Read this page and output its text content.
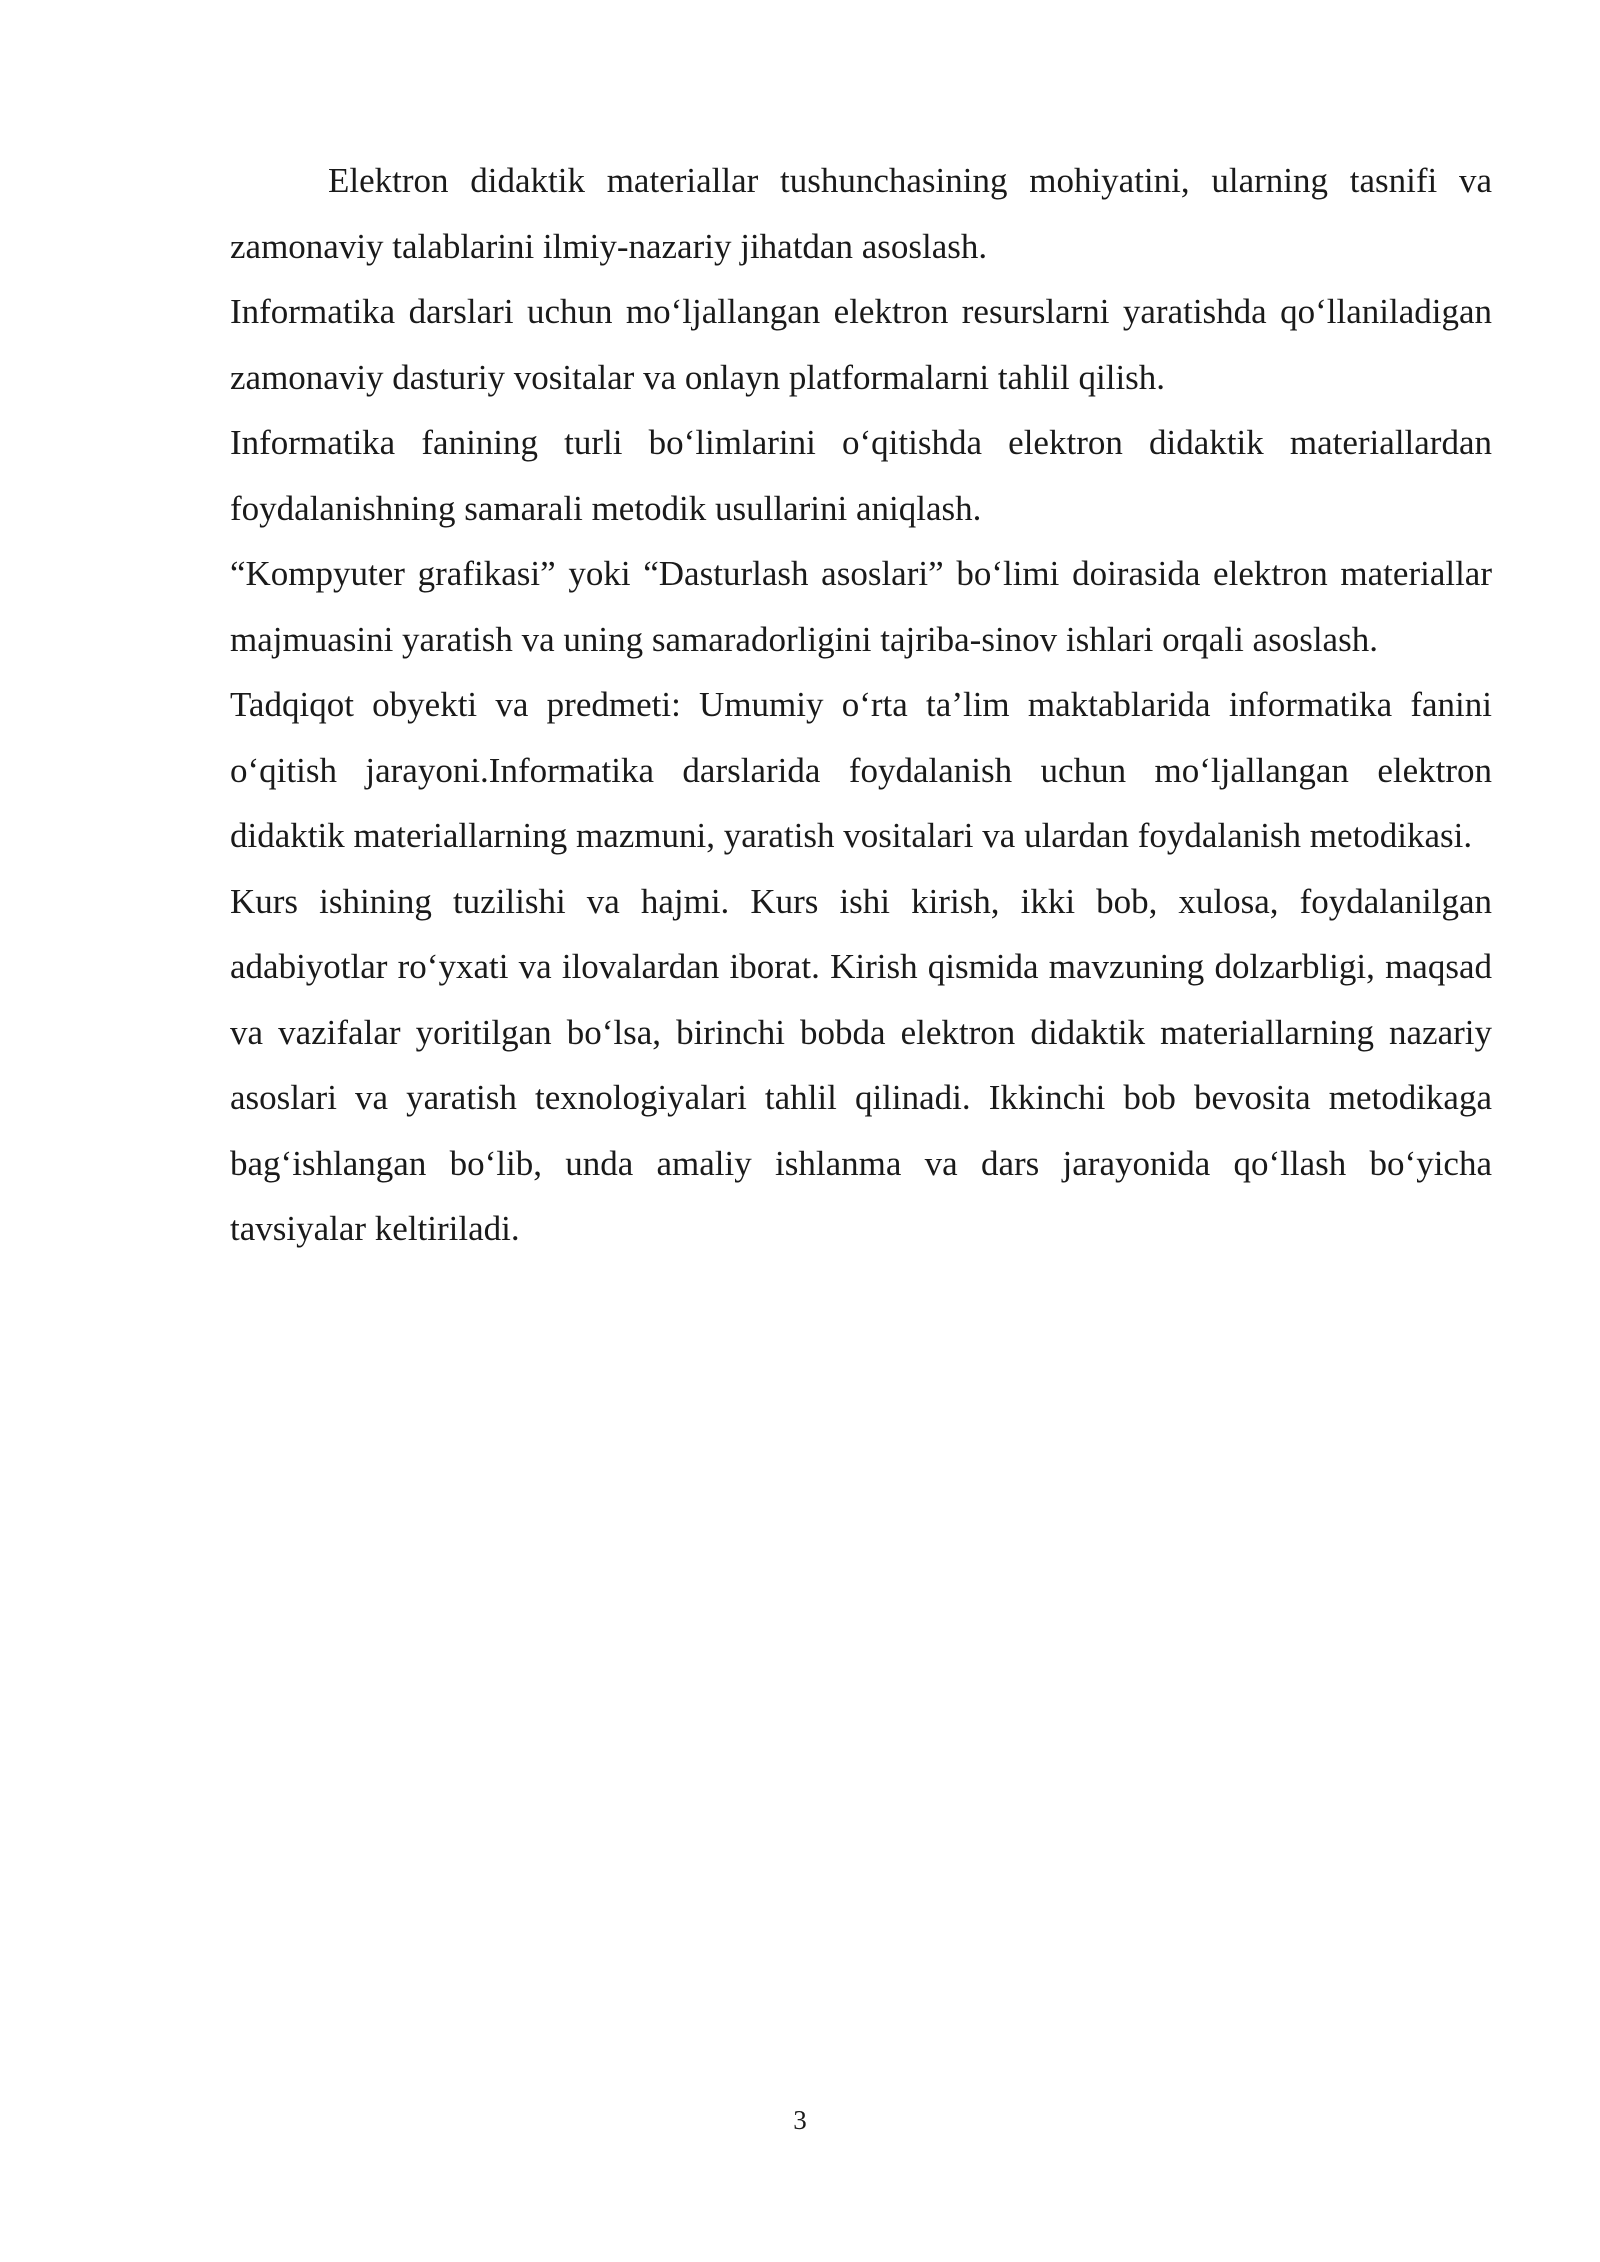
Elektron didaktik materiallar tushunchasining mohiyatini, ularning tasnifi va zamonaviy talablarini ilmiy-nazariy jihatdan asoslash.

Informatika darslari uchun mo‘ljallangan elektron resurslarni yaratishda qo‘llaniladigan zamonaviy dasturiy vositalar va onlayn platformalarni tahlil qilish.

Informatika fanining turli bo‘limlarini o‘qitishda elektron didaktik materiallardan foydalanishning samarali metodik usullarini aniqlash.

“Kompyuter grafikasi” yoki “Dasturlash asoslari” bo‘limi doirasida elektron materiallar majmuasini yaratish va uning samaradorligini tajriba-sinov ishlari orqali asoslash.

Tadqiqot obyekti va predmeti: Umumiy o‘rta ta’lim maktablarida informatika fanini o‘qitish jarayoni.Informatika darslarida foydalanish uchun mo‘ljallangan elektron didaktik materiallarning mazmuni, yaratish vositalari va ulardan foydalanish metodikasi.

Kurs ishining tuzilishi va hajmi. Kurs ishi kirish, ikki bob, xulosa, foydalanilgan adabiyotlar ro‘yxati va ilovalardan iborat. Kirish qismida mavzuning dolzarbligi, maqsad va vazifalar yoritilgan bo‘lsa, birinchi bobda elektron didaktik materiallarning nazariy asoslari va yaratish texnologiyalari tahlil qilinadi. Ikkinchi bob bevosita metodikaga bag‘ishlangan bo‘lib, unda amaliy ishlanma va dars jarayonida qo‘llash bo‘yicha tavsiyalar keltiriladi.

3
